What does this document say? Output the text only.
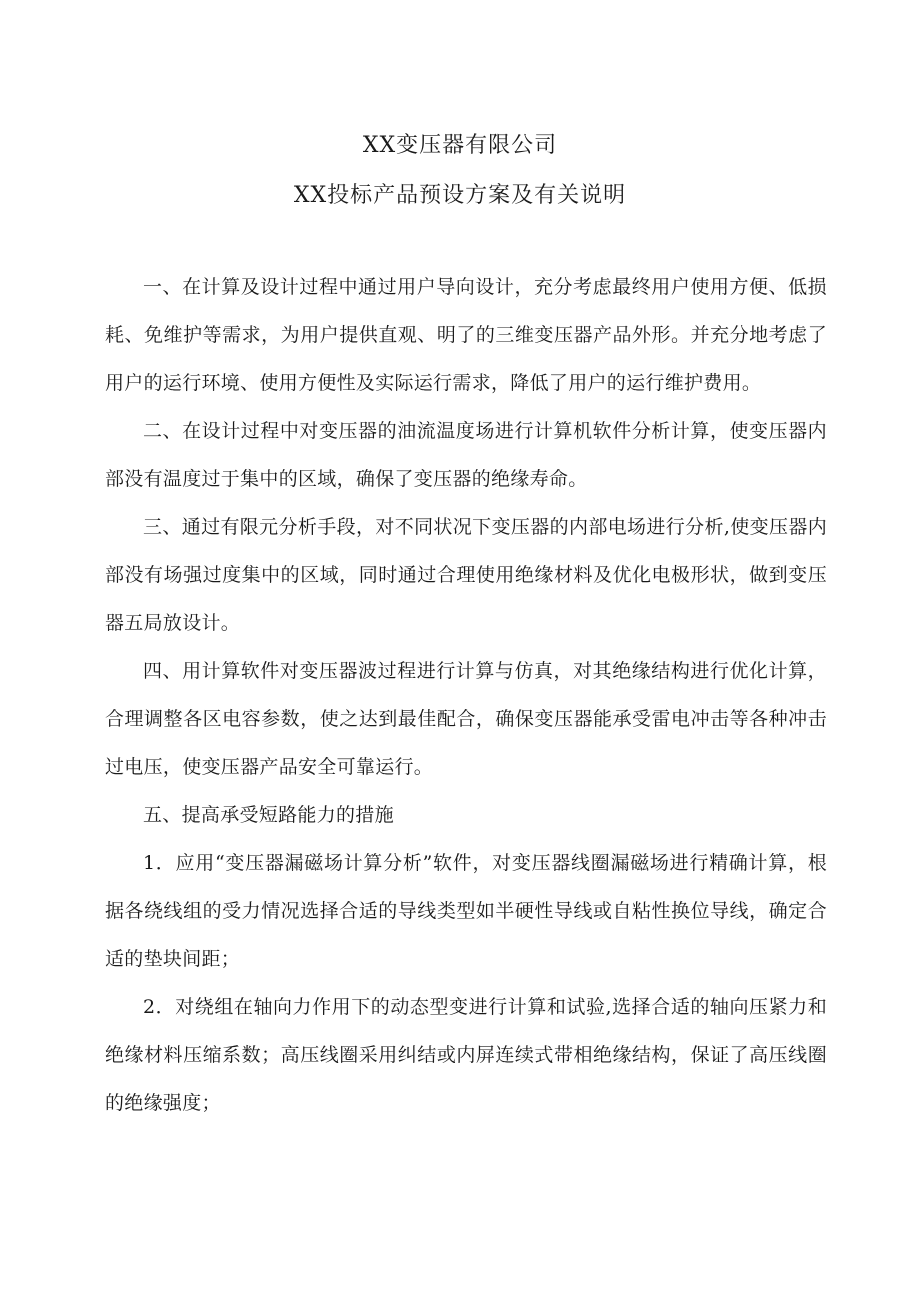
XX变压器有限公司
XX投标产品预设方案及有关说明

一、在计算及设计过程中通过用户导向设计，充分考虑最终用户使用方便、低损耗、免维护等需求，为用户提供直观、明了的三维变压器产品外形。并充分地考虑了用户的运行环境、使用方便性及实际运行需求，降低了用户的运行维护费用。

二、在设计过程中对变压器的油流温度场进行计算机软件分析计算，使变压器内部没有温度过于集中的区域，确保了变压器的绝缘寿命。

三、通过有限元分析手段，对不同状况下变压器的内部电场进行分析,使变压器内部没有场强过度集中的区域，同时通过合理使用绝缘材料及优化电极形状，做到变压器五局放设计。

四、用计算软件对变压器波过程进行计算与仿真，对其绝缘结构进行优化计算，合理调整各区电容参数，使之达到最佳配合，确保变压器能承受雷电冲击等各种冲击过电压，使变压器产品安全可靠运行。

五、提高承受短路能力的措施

1．应用“变压器漏磁场计算分析”软件，对变压器线圈漏磁场进行精确计算，根据各绕线组的受力情况选择合适的导线类型如半硬性导线或自粘性换位导线，确定合适的垫块间距；

2．对绕组在轴向力作用下的动态型变进行计算和试验,选择合适的轴向压紧力和绝缘材料压缩系数；高压线圈采用纠结或内屏连续式带相绝缘结构，保证了高压线圈的绝缘强度；
